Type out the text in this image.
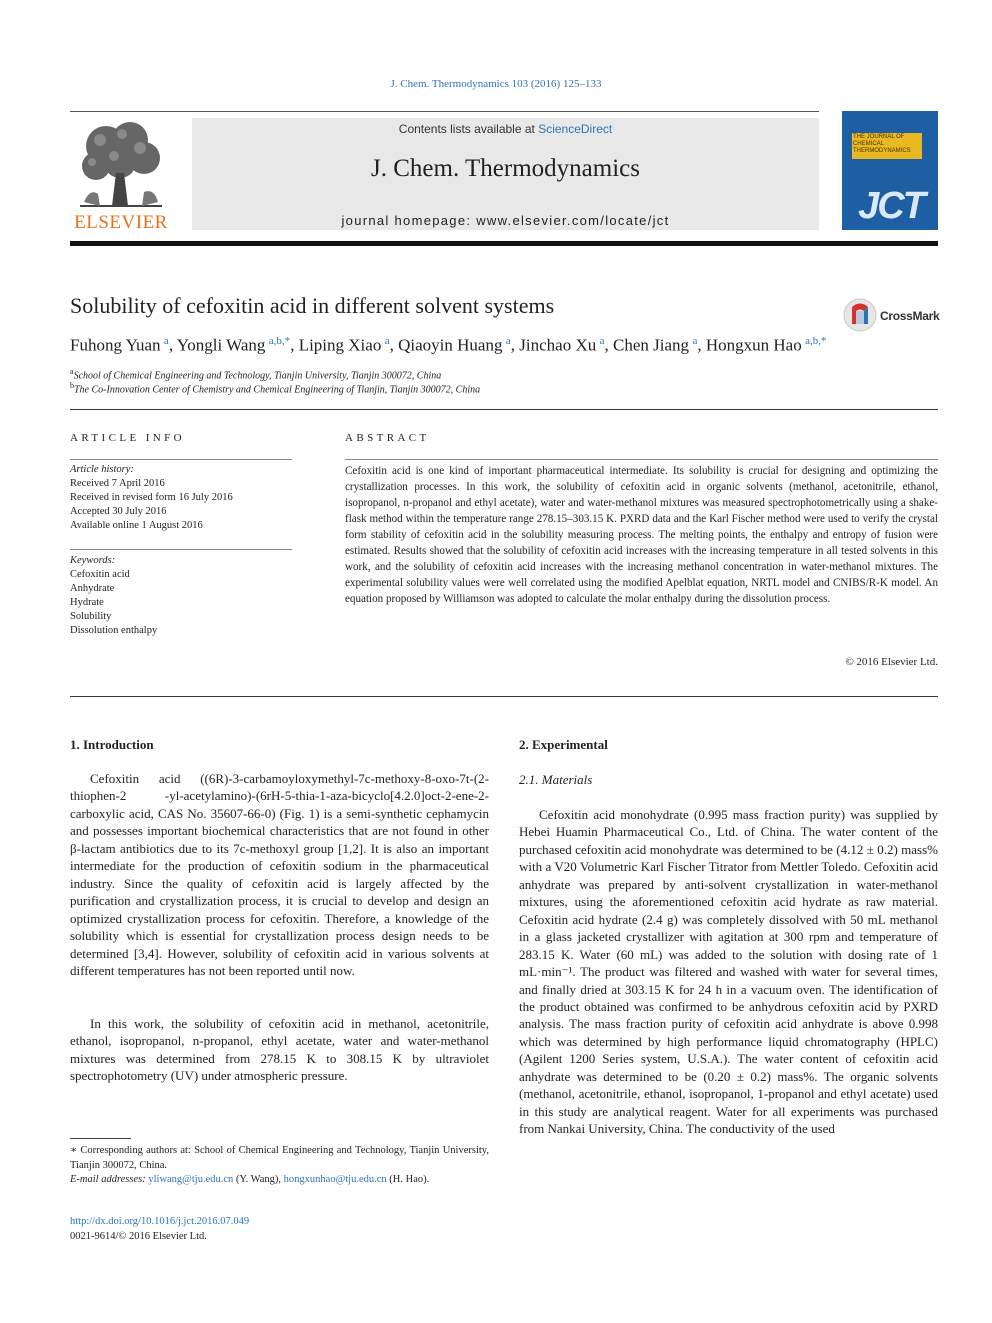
J. Chem. Thermodynamics 103 (2016) 125–133
ELSEVIER
Contents lists available at ScienceDirect
J. Chem. Thermodynamics
journal homepage: www.elsevier.com/locate/jct
THE JOURNAL OF CHEMICAL THERMODYNAMICS
JCT
Solubility of cefoxitin acid in different solvent systems	CrossMark
Fuhong Yuan  $^a$, Yongli Wang  $^{a,b,*}$, Liping Xiao  $^a$, Qiaoyin Huang  $^a$, Jinchao Xu  $^a$, Chen Jiang  $^a$, Hongxun Hao  $^{a,b,*}$
$^a$School of Chemical Engineering and Technology, Tianjin University, Tianjin 300072, China
$^b$The Co-Innovation Center of Chemistry and Chemical Engineering of Tianjin, Tianjin 300072, China
ARTICLE INFO
Article history:
Received 7 April 2016
Received in revised form 16 July 2016
Accepted 30 July 2016
Available online 1 August 2016
Keywords:
Cefoxitin acid
Anhydrate
Hydrate
Solubility
Dissolution enthalpy
ABSTRACT
Cefoxitin acid is one kind of important pharmaceutical intermediate. Its solubility is crucial for designing and optimizing the crystallization processes. In this work, the solubility of cefoxitin acid in organic solvents (methanol, acetonitrile, ethanol, isopropanol, n-propanol and ethyl acetate), water and water-methanol mixtures was measured spectrophotometrically using a shake-flask method within the temperature range 278.15–303.15 K. PXRD data and the Karl Fischer method were used to verify the crystal form stability of cefoxitin acid in the solubility measuring process. The melting points, the enthalpy and entropy of fusion were estimated. Results showed that the solubility of cefoxitin acid increases with the increasing temperature in all tested solvents in this work, and the solubility of cefoxitin acid increases with the increasing methanol concentration in water-methanol mixtures. The experimental solubility values were well correlated using the modified Apelblat equation, NRTL model and CNIBS/R-K model. An equation proposed by Williamson was adopted to calculate the molar enthalpy during the dissolution process.
© 2016 Elsevier Ltd.
1. Introduction
Cefoxitin acid ((6R)-3-carbamoyloxymethyl-7c-methoxy-8-oxo-7t-(2-thiophen-2 -yl-acetylamino)-(6rH-5-thia-1-aza-bicyclo[4.2.0]oct-2-ene-2-carboxylic acid, CAS No. 35607-66-0) (Fig. 1) is a semi-synthetic cephamycin and possesses important biochemical characteristics that are not found in other β-lactam antibiotics due to its 7c-methoxyl group [1,2]. It is also an important intermediate for the production of cefoxitin sodium in the pharmaceutical industry. Since the quality of cefoxitin acid is largely affected by the purification and crystallization process, it is crucial to develop and design an optimized crystallization process for cefoxitin. Therefore, a knowledge of the solubility which is essential for crystallization process design needs to be determined [3,4]. However, solubility of cefoxitin acid in various solvents at different temperatures has not been reported until now.
In this work, the solubility of cefoxitin acid in methanol, acetonitrile, ethanol, isopropanol, n-propanol, ethyl acetate, water and water-methanol mixtures was determined from 278.15 K to 308.15 K by ultraviolet spectrophotometry (UV) under atmospheric pressure.
2. Experimental
2.1. Materials
Cefoxitin acid monohydrate (0.995 mass fraction purity) was supplied by Hebei Huamin Pharmaceutical Co., Ltd. of China. The water content of the purchased cefoxitin acid monohydrate was determined to be (4.12 ± 0.2) mass% with a V20 Volumetric Karl Fischer Titrator from Mettler Toledo. Cefoxitin acid anhydrate was prepared by anti-solvent crystallization in water-methanol mixtures, using the aforementioned cefoxitin acid hydrate as raw material. Cefoxitin acid hydrate (2.4 g) was completely dissolved with 50 mL methanol in a glass jacketed crystallizer with agitation at 300 rpm and temperature of 283.15 K. Water (60 mL) was added to the solution with dosing rate of 1 mL·min⁻¹. The product was filtered and washed with water for several times, and finally dried at 303.15 K for 24 h in a vacuum oven. The identification of the product obtained was confirmed to be anhydrous cefoxitin acid by PXRD analysis. The mass fraction purity of cefoxitin acid anhydrate is above 0.998 which was determined by high performance liquid chromatography (HPLC) (Agilent 1200 Series system, U.S.A.). The water content of cefoxitin acid anhydrate was determined to be (0.20 ± 0.2) mass%. The organic solvents (methanol, acetonitrile, ethanol, isopropanol, 1-propanol and ethyl acetate) used in this study are analytical reagent. Water for all experiments was purchased from Nankai University, China. The conductivity of the used
∗ Corresponding authors at: School of Chemical Engineering and Technology, Tianjin University, Tianjin 300072, China.
E-mail addresses: yliwang@tju.edu.cn (Y. Wang), hongxunhao@tju.edu.cn (H. Hao).
http://dx.doi.org/10.1016/j.jct.2016.07.049
0021-9614/© 2016 Elsevier Ltd.
